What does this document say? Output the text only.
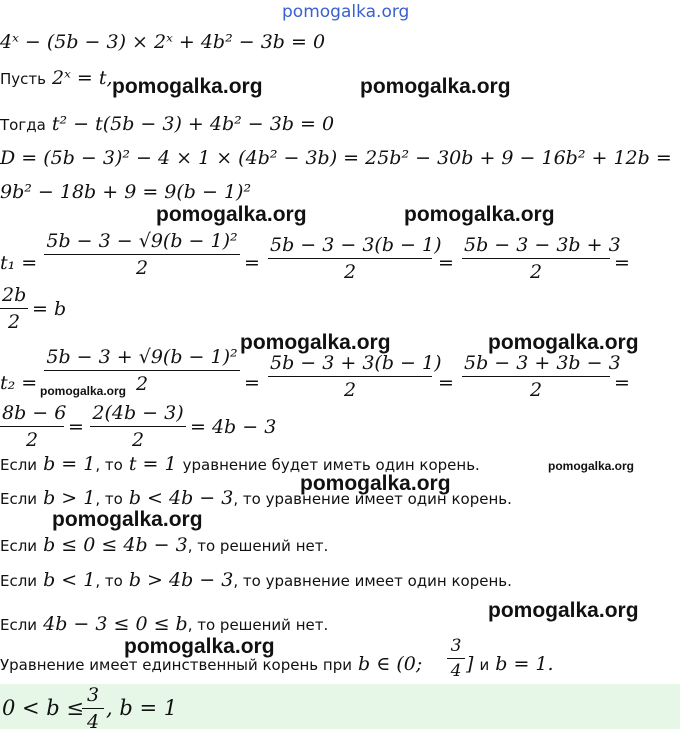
pomogalka.org
4ˣ − (5b − 3) × 2ˣ + 4b² − 3b = 0
Пусть 2ˣ = t,
Тогда t² − t(5b − 3) + 4b² − 3b = 0
D = (5b − 3)² − 4 × 1 × (4b² − 3b) = 25b² − 30b + 9 − 16b² + 12b =
9b² − 18b + 9 = 9(b − 1)²
t₁ =
5b − 3 − √9(b − 1)²
2	=
5b − 3 − 3(b − 1)
2	=
5b − 3 − 3b + 3
2	=
2b
2
= b
t₂ =
5b − 3 + √9(b − 1)²
2	=
5b − 3 + 3(b − 1)
2	=
5b − 3 + 3b − 3
2	=
8b − 6
2
=
2(4b − 3)
2
= 4b − 3
Если b = 1, то t = 1 уравнение будет иметь один корень.
Если b > 1, то b < 4b − 3, то уравнение имеет один корень.
Если b ≤ 0 ≤ 4b − 3, то решений нет.
Если b < 1, то b > 4b − 3, то уравнение имеет один корень.
Если 4b − 3 ≤ 0 ≤ b, то решений нет.
Уравнение имеет единственный корень при b ∈ (0;
3
4 ] и b = 1.
0 < b ≤
3
4
, b = 1
pomogalka.org	pomogalka.org
pomogalka.org	pomogalka.org
pomogalka.org	pomogalka.org
pomogalka.org
pomogalka.org
pomogalka.org
pomogalka.org
pomogalka.org
pomogalka.org
